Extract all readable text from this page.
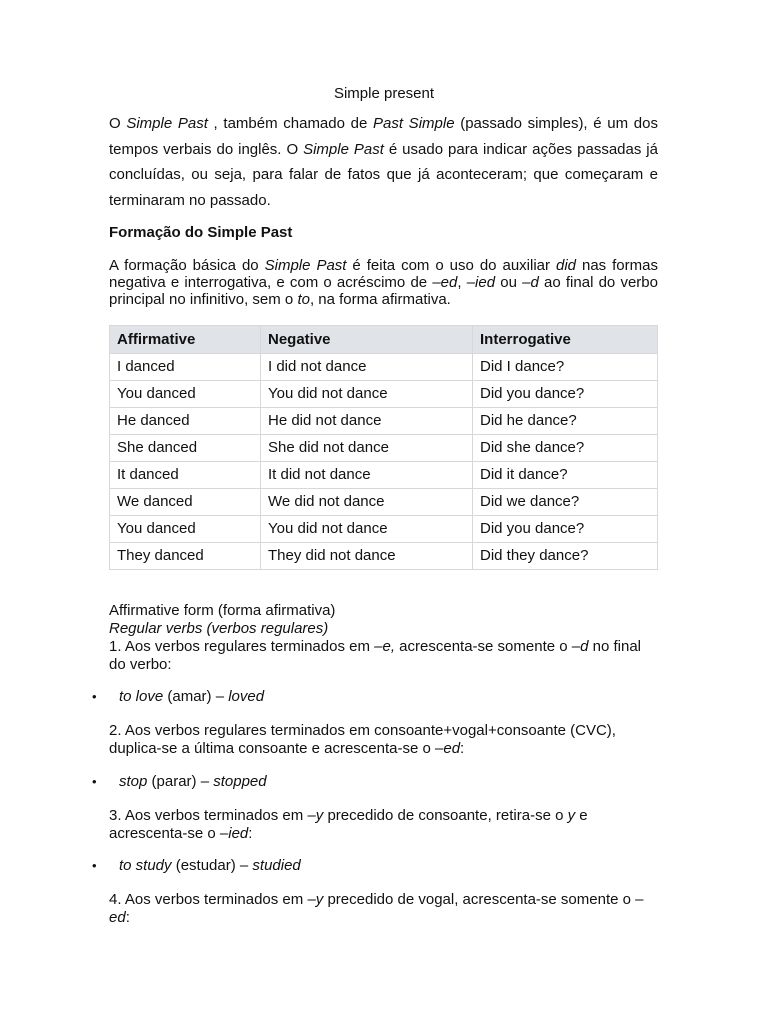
Simple present

O Simple Past , também chamado de Past Simple (passado simples), é um dos tempos verbais do inglês. O Simple Past é usado para indicar ações passadas já concluídas, ou seja, para falar de fatos que já aconteceram; que começaram e terminaram no passado.

Formação do Simple Past

A formação básica do Simple Past é feita com o uso do auxiliar did nas formas negativa e interrogativa, e com o acréscimo de –ed, –ied ou –d ao final do verbo principal no infinitivo, sem o to, na forma afirmativa.

Affirmative	Negative	Interrogative
I danced	I did not dance	Did I dance?
You danced	You did not dance	Did you dance?
He danced	He did not dance	Did he dance?
She danced	She did not dance	Did she dance?
It danced	It did not dance	Did it dance?
We danced	We did not dance	Did we dance?
You danced	You did not dance	Did you dance?
They danced	They did not dance	Did they dance?

Affirmative form (forma afirmativa)

Regular verbs (verbos regulares)

1. Aos verbos regulares terminados em –e, acrescenta-se somente o –d no final do verbo:

• to love (amar) – loved

2. Aos verbos regulares terminados em consoante+vogal+consoante (CVC), duplica-se a última consoante e acrescenta-se o –ed:

• stop (parar) – stopped

3. Aos verbos terminados em –y precedido de consoante, retira-se o y e acrescenta-se o –ied:

• to study (estudar) – studied

4. Aos verbos terminados em –y precedido de vogal, acrescenta-se somente o –ed:
